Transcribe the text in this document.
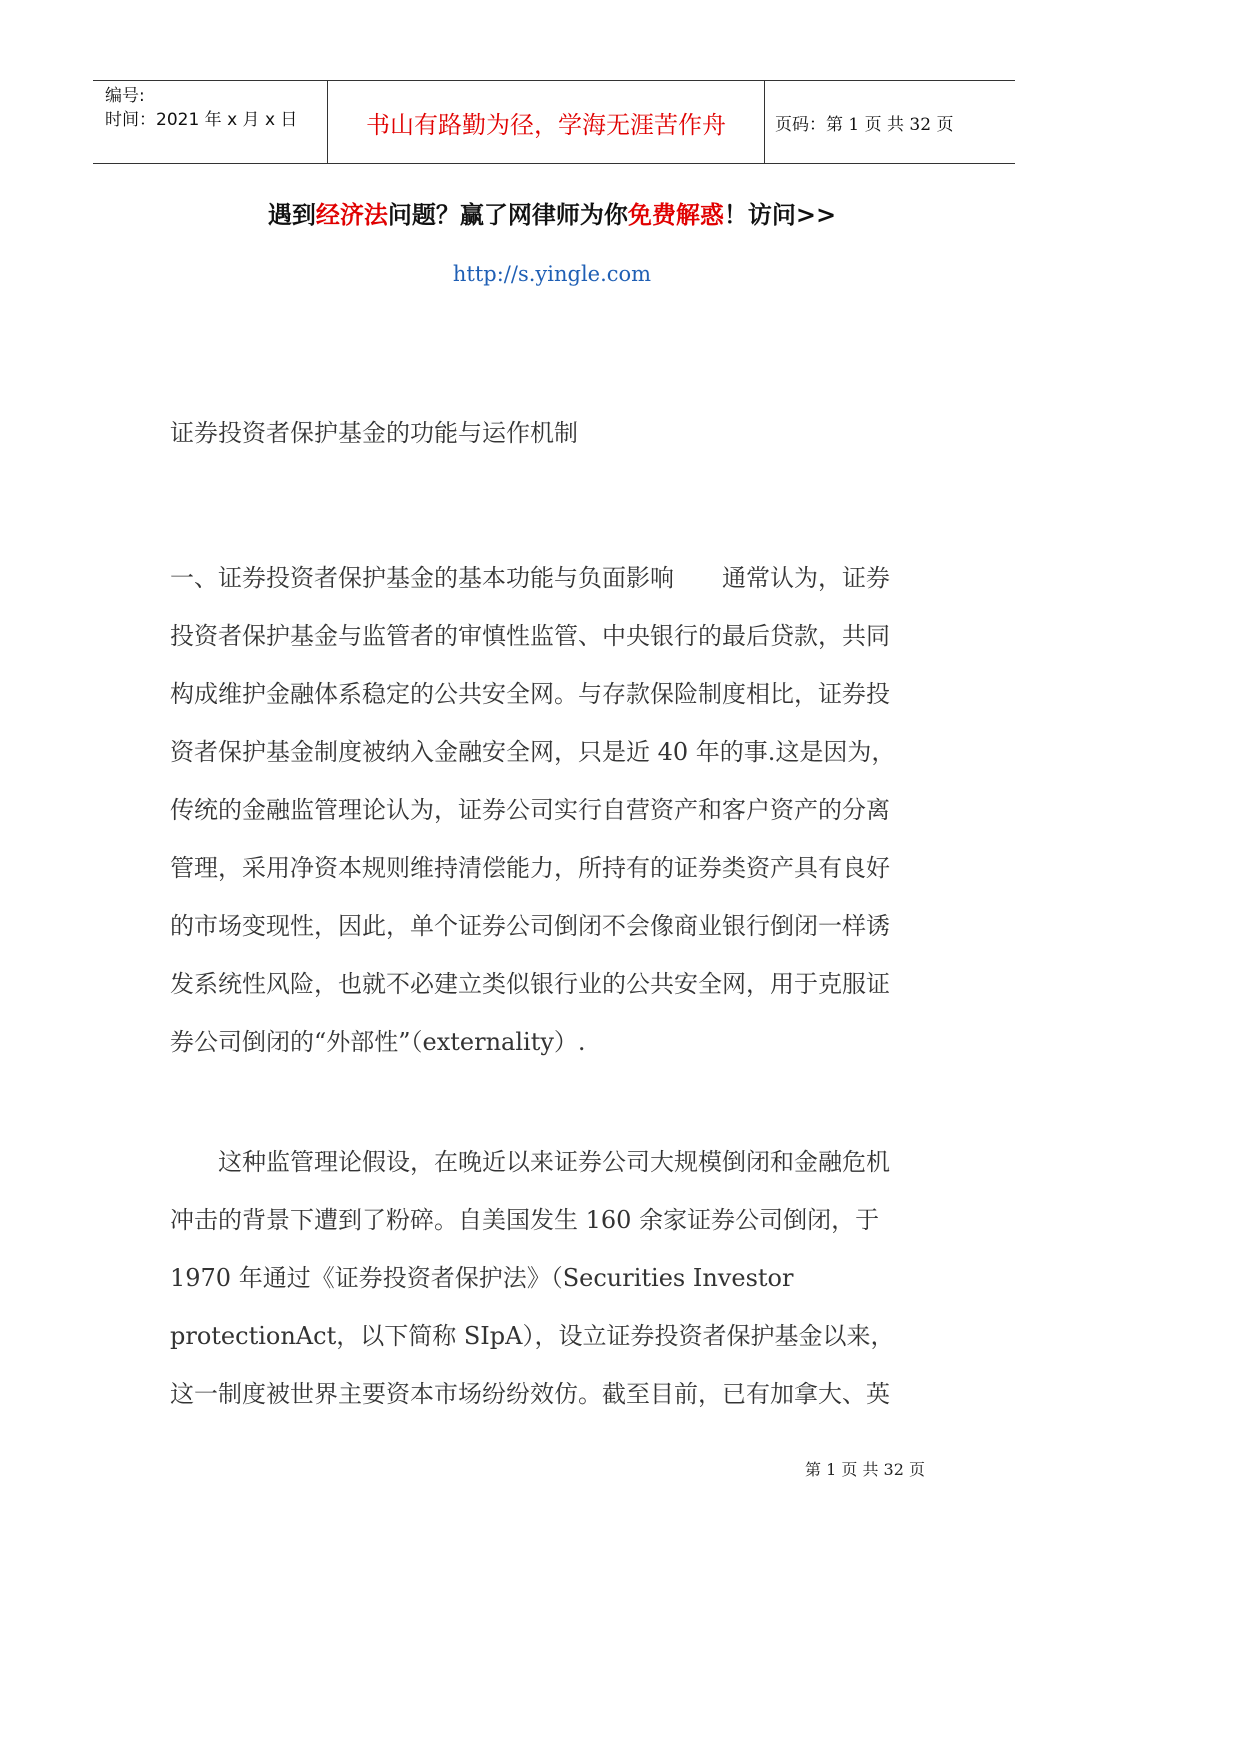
编号:
时间：2021 年 x 月 x 日	书山有路勤为径，学海无涯苦作舟	页码：第 1 页 共 32 页
遇到经济法问题？赢了网律师为你免费解惑！访问>>
http://s.yingle.com
证券投资者保护基金的功能与运作机制
一、证券投资者保护基金的基本功能与负面影响　　通常认为，证券
投资者保护基金与监管者的审慎性监管、中央银行的最后贷款，共同
构成维护金融体系稳定的公共安全网。与存款保险制度相比，证券投
资者保护基金制度被纳入金融安全网，只是近 40 年的事.这是因为，
传统的金融监管理论认为，证券公司实行自营资产和客户资产的分离
管理，采用净资本规则维持清偿能力，所持有的证券类资产具有良好
的市场变现性，因此，单个证券公司倒闭不会像商业银行倒闭一样诱
发系统性风险，也就不必建立类似银行业的公共安全网，用于克服证
券公司倒闭的“外部性”（externality）.
　　这种监管理论假设，在晚近以来证券公司大规模倒闭和金融危机
冲击的背景下遭到了粉碎。自美国发生 160 余家证券公司倒闭，于
1970 年通过《证券投资者保护法》（Securities Investor
protectionAct，以下简称 SIpA），设立证券投资者保护基金以来，
这一制度被世界主要资本市场纷纷效仿。截至目前，已有加拿大、英
第 1 页 共 32 页
